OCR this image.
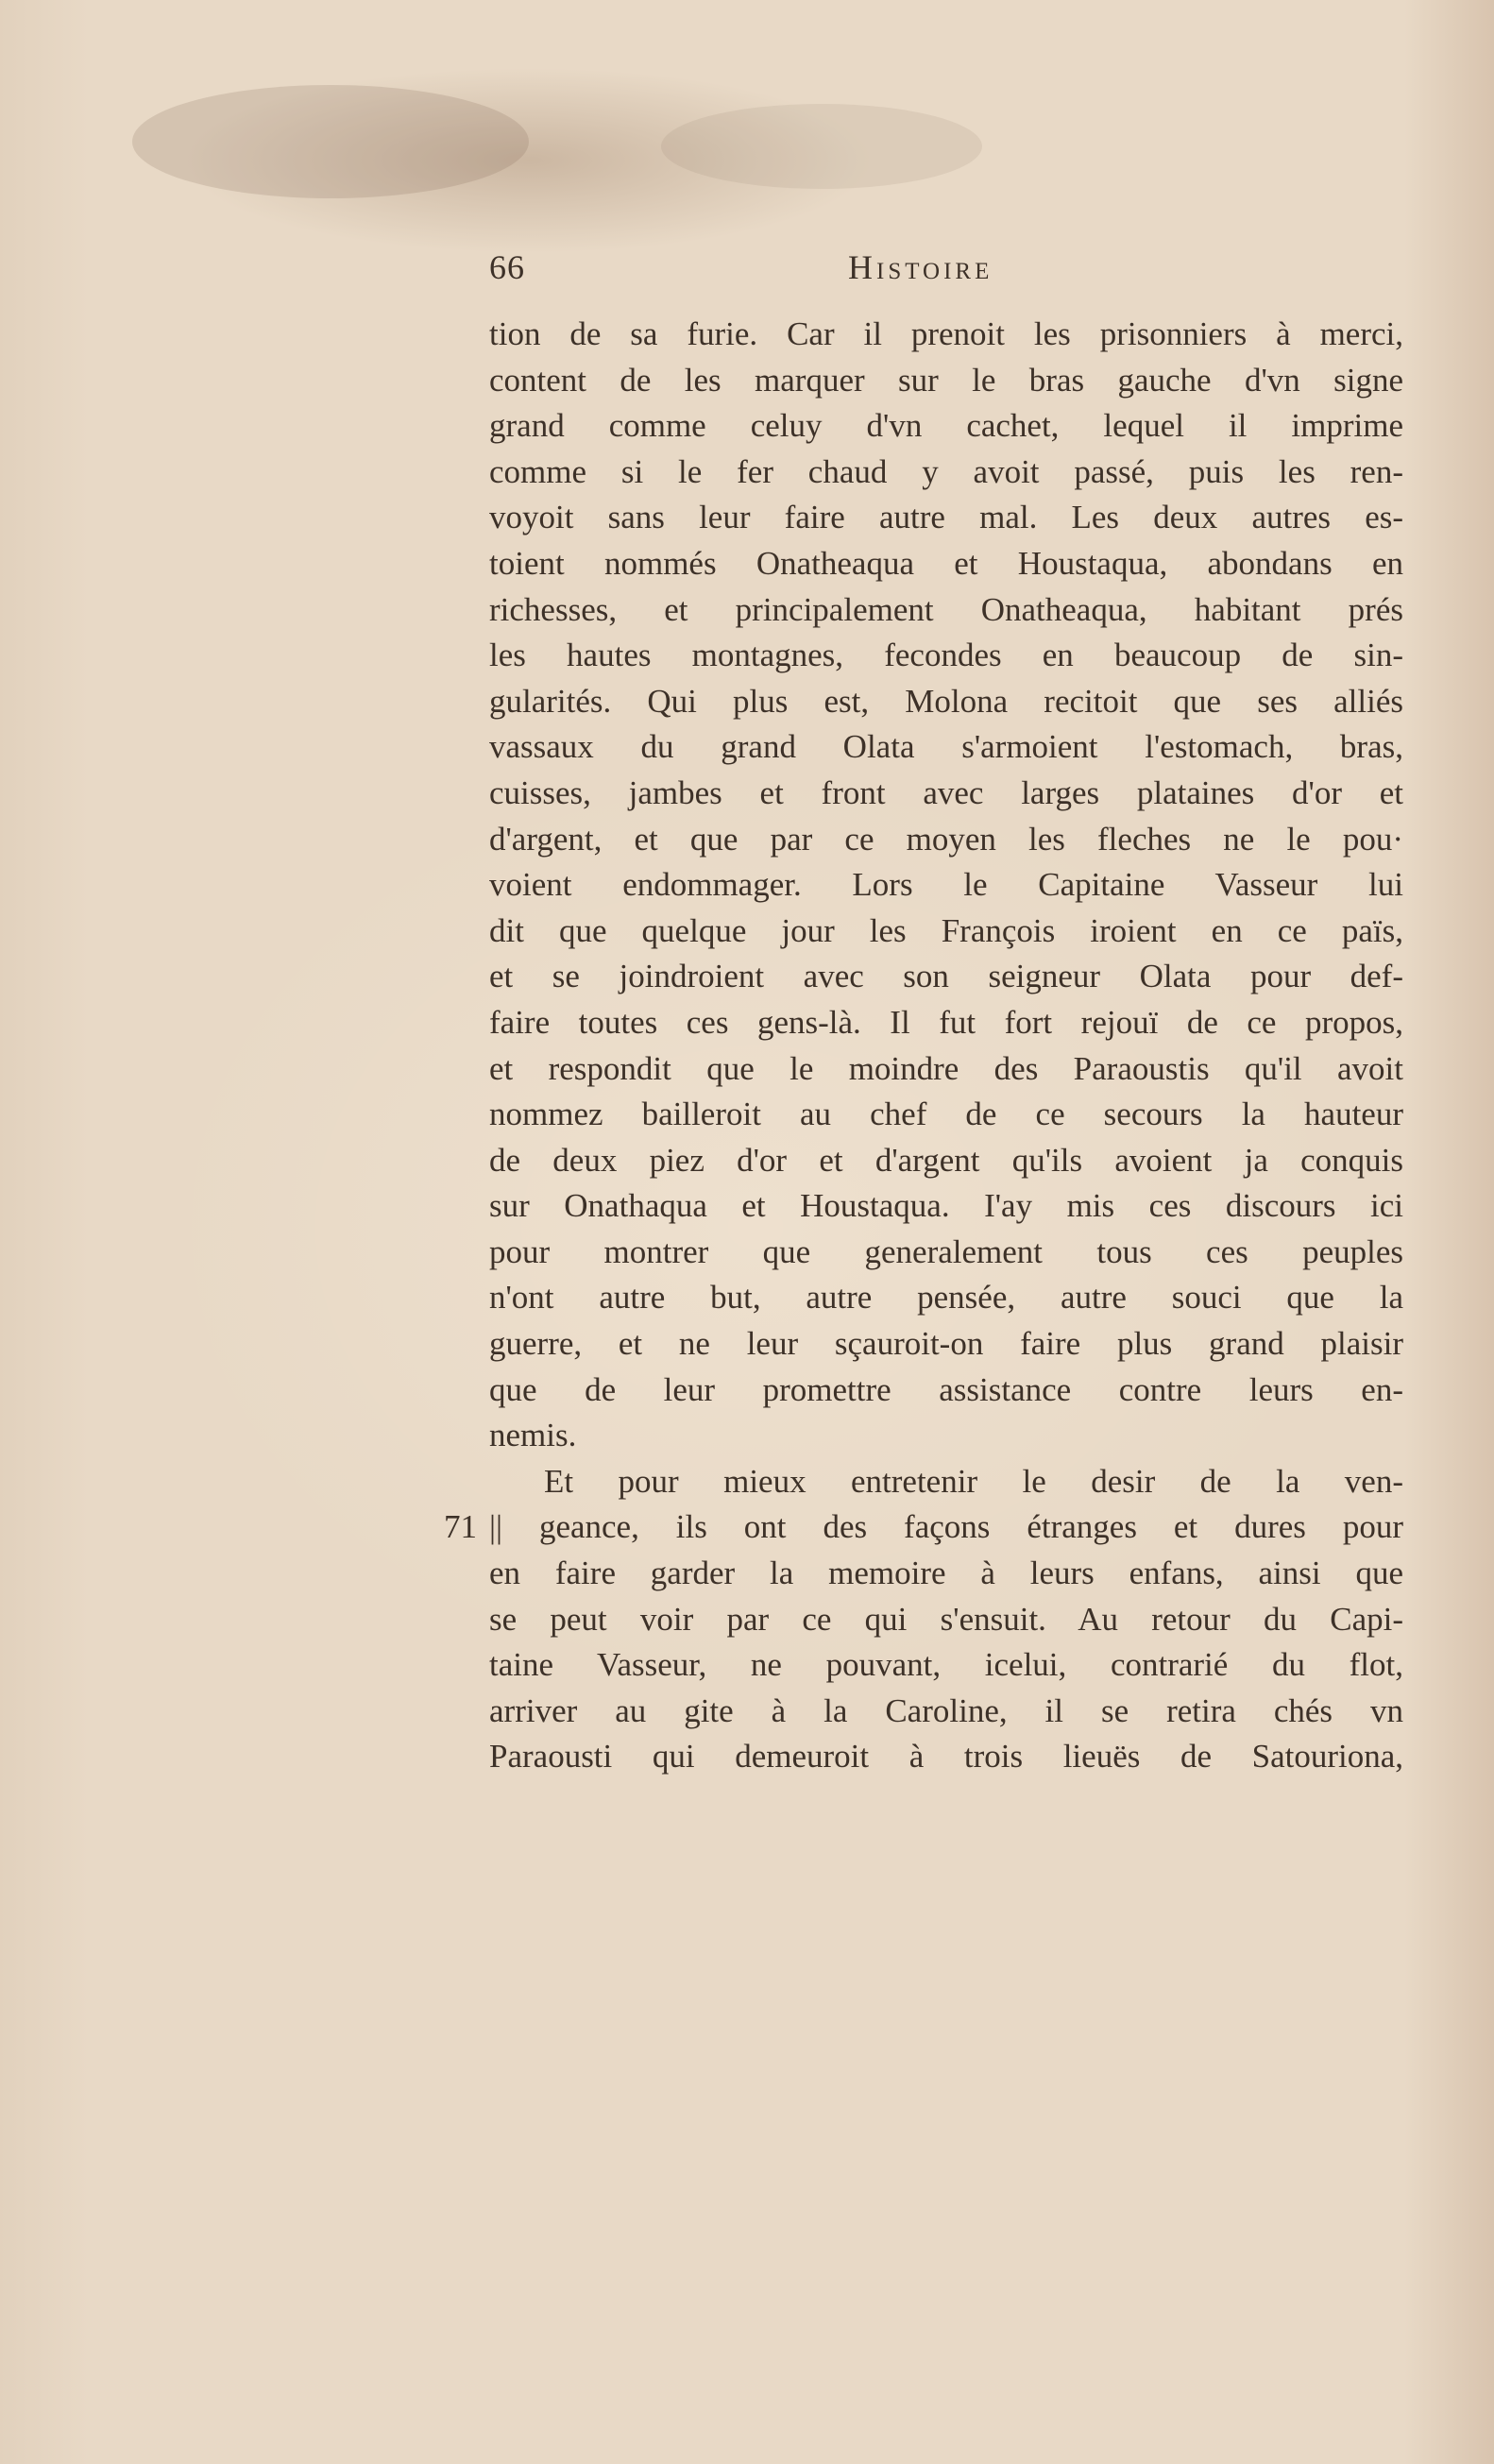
66	Histoire
71
tion de sa furie. Car il prenoit les prisonniers à merci,
content de les marquer sur le bras gauche d'vn signe
grand comme celuy d'vn cachet, lequel il imprime
comme si le fer chaud y avoit passé, puis les ren-
voyoit sans leur faire autre mal. Les deux autres es-
toient nommés Onatheaqua et Houstaqua, abondans en
richesses, et principalement Onatheaqua, habitant prés
les hautes montagnes, fecondes en beaucoup de sin-
gularités. Qui plus est, Molona recitoit que ses alliés
vassaux du grand Olata s'armoient l'estomach, bras,
cuisses, jambes et front avec larges plataines d'or et
d'argent, et que par ce moyen les fleches ne le pou·
voient endommager. Lors le Capitaine Vasseur lui
dit que quelque jour les François iroient en ce païs,
et se joindroient avec son seigneur Olata pour def-
faire toutes ces gens-là. Il fut fort rejouï de ce propos,
et respondit que le moindre des Paraoustis qu'il avoit
nommez bailleroit au chef de ce secours la hauteur
de deux piez d'or et d'argent qu'ils avoient ja conquis
sur Onathaqua et Houstaqua. I'ay mis ces discours ici
pour montrer que generalement tous ces peuples
n'ont autre but, autre pensée, autre souci que la
guerre, et ne leur sçauroit-on faire plus grand plaisir
que de leur promettre assistance contre leurs en-
nemis.
Et pour mieux entretenir le desir de la ven-
|| geance, ils ont des façons étranges et dures pour
en faire garder la memoire à leurs enfans, ainsi que
se peut voir par ce qui s'ensuit. Au retour du Capi-
taine Vasseur, ne pouvant, icelui, contrarié du flot,
arriver au gite à la Caroline, il se retira chés vn
Paraousti qui demeuroit à trois lieuës de Satouriona,
